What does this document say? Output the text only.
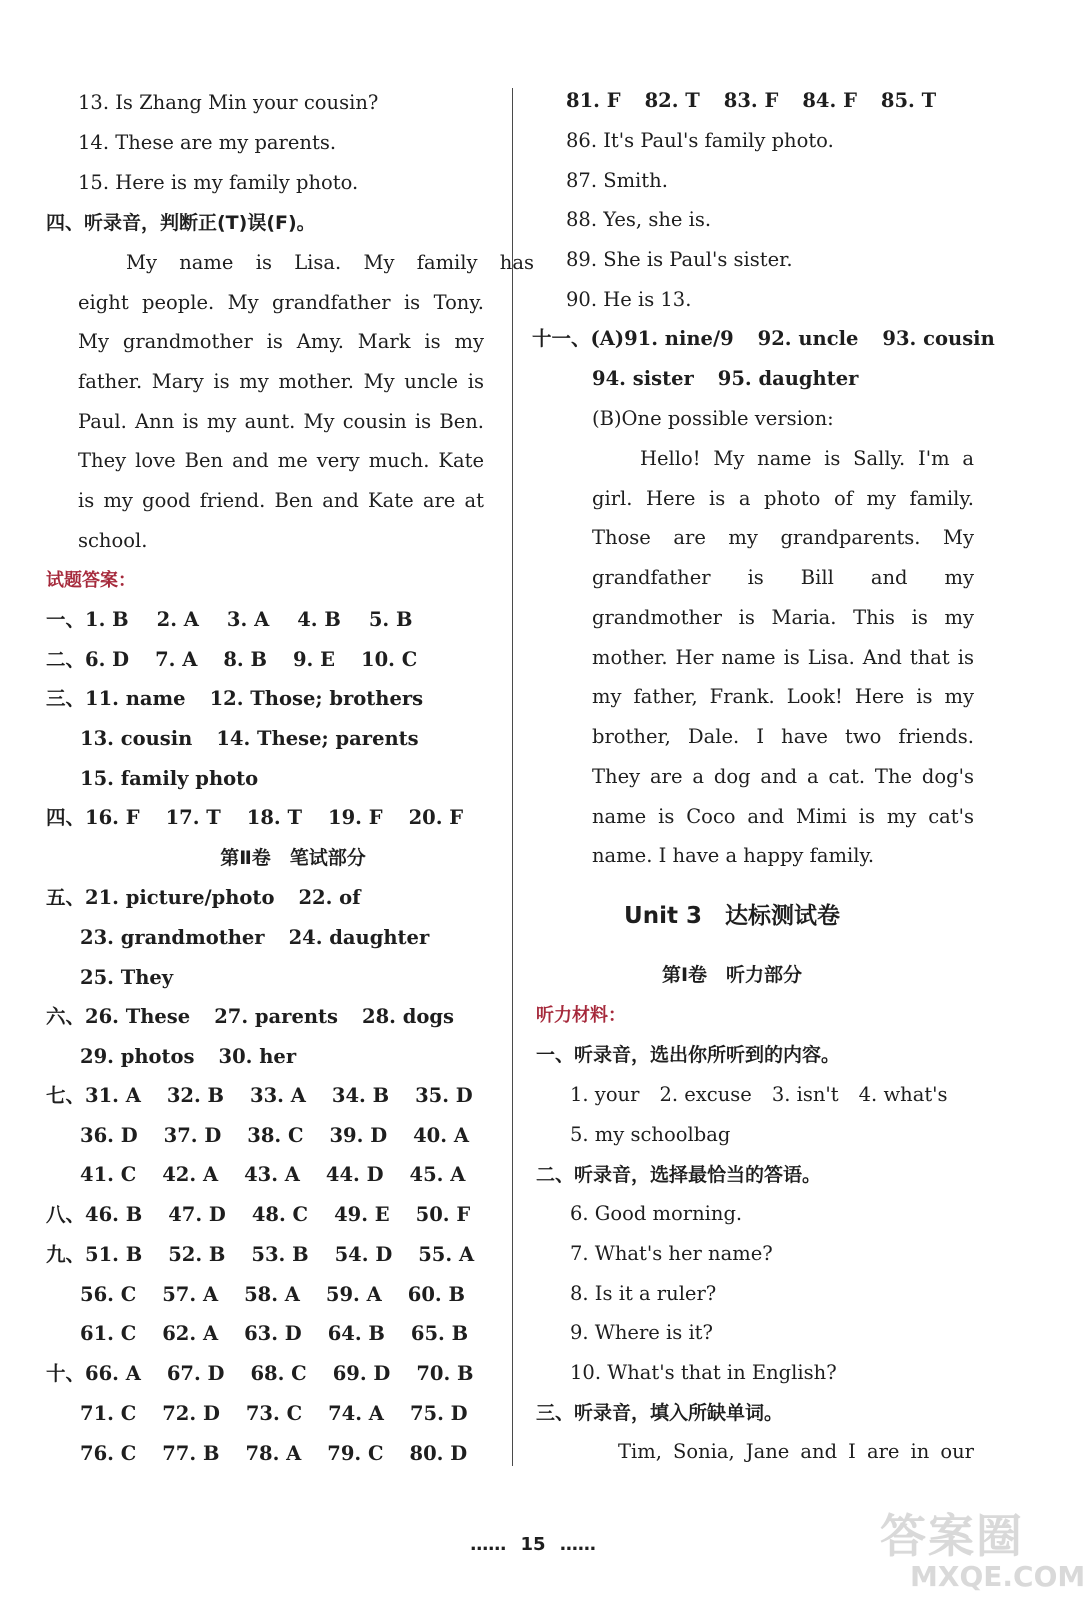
13. Is Zhang Min your cousin?
14. These are my parents.
15. Here is my family photo.
四、听录音，判断正(T)误(F)。
My name is Lisa. My family has
eight people. My grandfather is Tony.
My grandmother is Amy. Mark is my
father. Mary is my mother. My uncle is
Paul. Ann is my aunt. My cousin is Ben.
They love Ben and me very much. Kate
is my good friend. Ben and Kate are at
school.
试题答案：
一、1. B 2. A 3. A 4. B 5. B
二、6. D 7. A 8. B 9. E 10. C
三、11. name 12. Those; brothers
13. cousin 14. These; parents
15. family photo
四、16. F 17. T 18. T 19. F 20. F
第Ⅱ卷　笔试部分
五、21. picture/photo 22. of
23. grandmother 24. daughter
25. They
六、26. These 27. parents 28. dogs
29. photos 30. her
七、31. A 32. B 33. A 34. B 35. D
36. D 37. D 38. C 39. D 40. A
41. C 42. A 43. A 44. D 45. A
八、46. B 47. D 48. C 49. E 50. F
九、51. B 52. B 53. B 54. D 55. A
56. C 57. A 58. A 59. A 60. B
61. C 62. A 63. D 64. B 65. B
十、66. A 67. D 68. C 69. D 70. B
71. C 72. D 73. C 74. A 75. D
76. C 77. B 78. A 79. C 80. D
81. F 82. T 83. F 84. F 85. T
86. It's Paul's family photo.
87. Smith.
88. Yes, she is.
89. She is Paul's sister.
90. He is 13.
十一、(A)91. nine/9 92. uncle 93. cousin
94. sister 95. daughter
(B)One possible version:
Hello! My name is Sally. I'm a
girl. Here is a photo of my family.
Those are my grandparents. My
grandfather is Bill and my
grandmother is Maria. This is my
mother. Her name is Lisa. And that is
my father, Frank. Look! Here is my
brother, Dale. I have two friends.
They are a dog and a cat. The dog's
name is Coco and Mimi is my cat's
name. I have a happy family.
Unit 3　达标测试卷
第Ⅰ卷　听力部分
听力材料：
一、听录音，选出你所听到的内容。
1. your 2. excuse 3. isn't 4. what's
5. my schoolbag
二、听录音，选择最恰当的答语。
6. Good morning.
7. What's her name?
8. Is it a ruler?
9. Where is it?
10. What's that in English?
三、听录音，填入所缺单词。
Tim, Sonia, Jane and I are in our
…… 15 ……	答案圈
MXQE.COM
